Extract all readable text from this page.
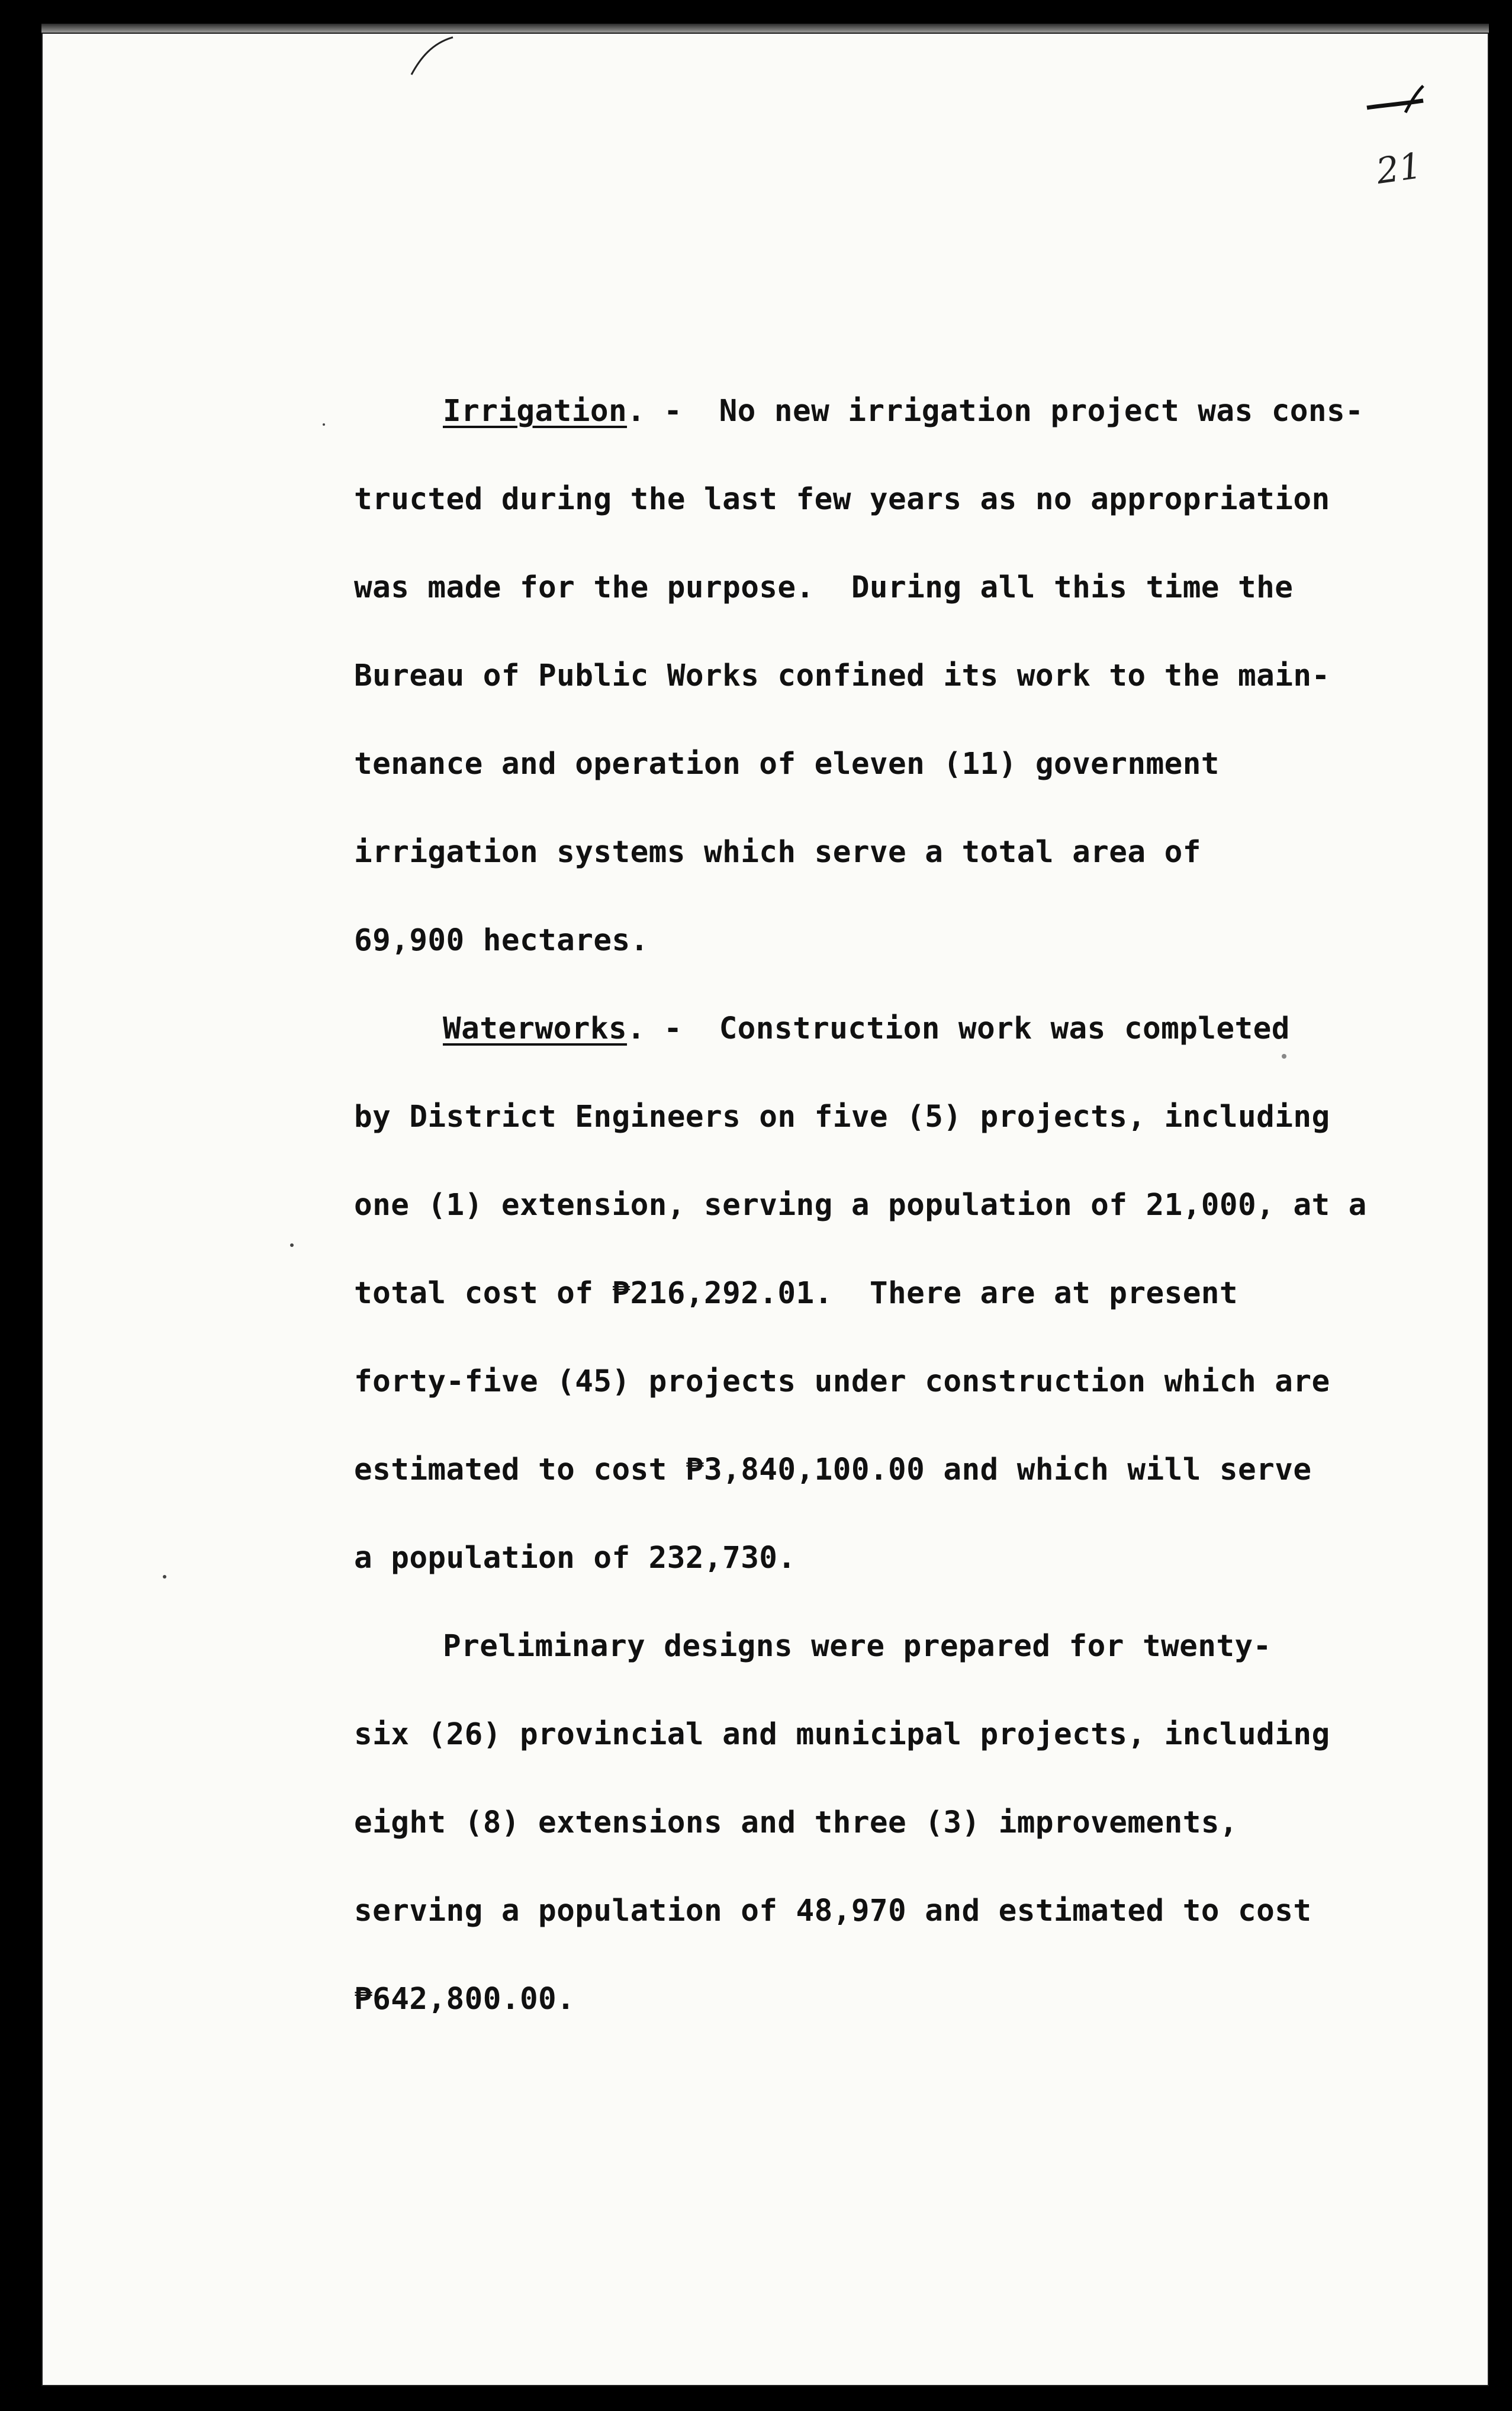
21

Irrigation. -  No new irrigation project was cons-
tructed during the last few years as no appropriation
was made for the purpose.  During all this time the
Bureau of Public Works confined its work to the main-
tenance and operation of eleven (11) government
irrigation systems which serve a total area of
69,900 hectares.

Waterworks. -  Construction work was completed
by District Engineers on five (5) projects, including
one (1) extension, serving a population of 21,000, at a
total cost of ₱216,292.01.  There are at present
forty-five (45) projects under construction which are
estimated to cost ₱3,840,100.00 and which will serve
a population of 232,730.

Preliminary designs were prepared for twenty-
six (26) provincial and municipal projects, including
eight (8) extensions and three (3) improvements,
serving a population of 48,970 and estimated to cost
₱642,800.00.
